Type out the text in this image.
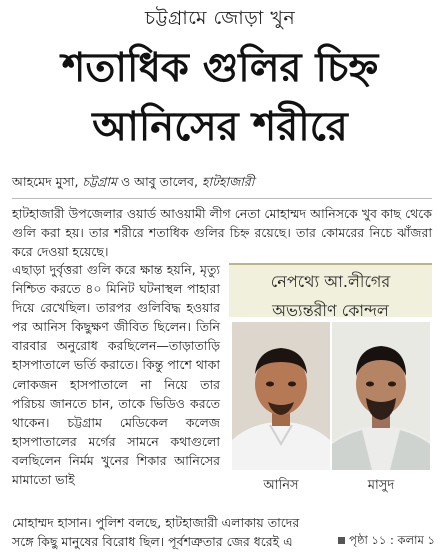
চট্টগ্রামে জোড়া খুন
শতাধিক গুলির চিহ্ন
আনিসের শরীরে
আহমেদ মুসা, চট্টগ্রাম ও আবু তালেব, হাটহাজারী
হাটহাজারী উপজেলার ওয়ার্ড আওয়ামী লীগ নেতা মোহাম্মদ আনিসকে খুব কাছ থেকে গুলি করা হয়। তার শরীরে শতাধিক গুলির চিহ্ন রয়েছে। তার কোমরের নিচে ঝাঁজরা করে দেওয়া হয়েছে।
এছাড়া দুর্বৃত্তরা গুলি করে ক্ষান্ত হয়নি, মৃত্যু নিশ্চিত করতে ৪০ মিনিট ঘটনাস্থল পাহারা দিয়ে রেখেছিল। তারপর গুলিবিদ্ধ হওয়ার পর আনিস কিছুক্ষণ জীবিত ছিলেন। তিনি বারবার অনুরোধ করছিলেন—তাড়াতাড়ি হাসপাতালে ভর্তি করাতে। কিন্তু পাশে থাকা লোকজন হাসপাতালে না নিয়ে তার পরিচয় জানতে চান, তাকে ভিডিও করতে থাকেন। চট্টগ্রাম মেডিকেল কলেজ হাসপাতালের মর্গের সামনে কথাগুলো বলছিলেন নির্মম খুনের শিকার আনিসের মামাতো ভাই
মোহাম্মদ হাসান। পুলিশ বলছে, হাটহাজারী এলাকায় তাদের সঙ্গে কিছু মানুষের বিরোধ ছিল। পূর্বশত্রুতার জের ধরেই এ
নেপথ্যে আ.লীগের
অভ্যন্তরীণ কোন্দল
আনিস	মাসুদ
পৃষ্ঠা ১১ : কলাম ১
